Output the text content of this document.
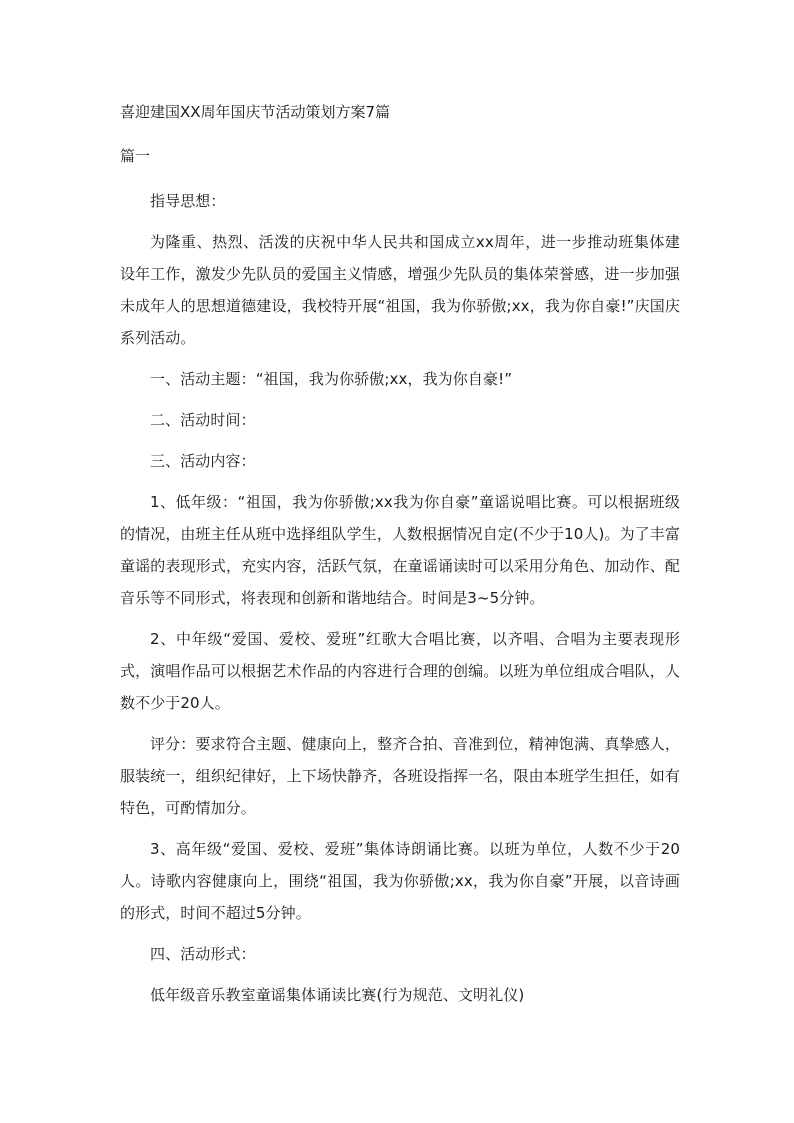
喜迎建国XX周年国庆节活动策划方案7篇
篇一

指导思想：

为隆重、热烈、活泼的庆祝中华人民共和国成立xx周年，进一步推动班集体建设年工作，激发少先队员的爱国主义情感，增强少先队员的集体荣誉感，进一步加强未成年人的思想道德建设，我校特开展“祖国，我为你骄傲;xx，我为你自豪!”庆国庆系列活动。

一、活动主题：“祖国，我为你骄傲;xx，我为你自豪!”

二、活动时间：

三、活动内容：

1、低年级：“祖国，我为你骄傲;xx我为你自豪”童谣说唱比赛。可以根据班级的情况，由班主任从班中选择组队学生，人数根据情况自定(不少于10人)。为了丰富童谣的表现形式，充实内容，活跃气氛，在童谣诵读时可以采用分角色、加动作、配音乐等不同形式，将表现和创新和谐地结合。时间是3~5分钟。

2、中年级“爱国、爱校、爱班”红歌大合唱比赛，以齐唱、合唱为主要表现形式，演唱作品可以根据艺术作品的内容进行合理的创编。以班为单位组成合唱队，人数不少于20人。

评分：要求符合主题、健康向上，整齐合拍、音准到位，精神饱满、真挚感人，服装统一，组织纪律好，上下场快静齐，各班设指挥一名，限由本班学生担任，如有特色，可酌情加分。

3、高年级“爱国、爱校、爱班”集体诗朗诵比赛。以班为单位，人数不少于20人。诗歌内容健康向上，围绕“祖国，我为你骄傲;xx，我为你自豪”开展，以音诗画的形式，时间不超过5分钟。

四、活动形式：

低年级音乐教室童谣集体诵读比赛(行为规范、文明礼仪)
